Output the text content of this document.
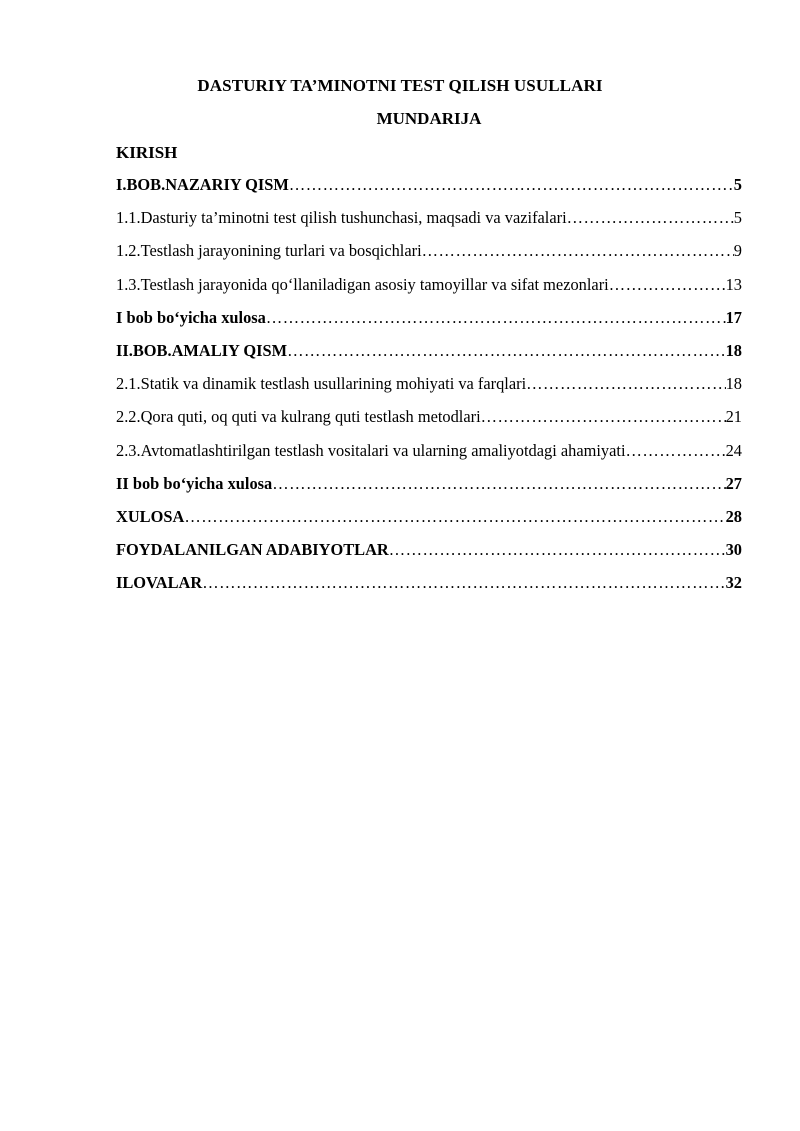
DASTURIY TA’MINOTNI TEST QILISH USULLARI
MUNDARIJA
KIRISH
I.BOB.NAZARIY QISM ………………………………………………………………………………………………………………………………………………………………………………………………	5
1.1.Dasturiy ta’minotni test qilish tushunchasi, maqsadi va vazifalari ………………………………………………………………………………………………………………………………………………………………………………………………	5
1.2.Testlash jarayonining turlari va bosqichlari ………………………………………………………………………………………………………………………………………………………………………………………………	9
1.3.Testlash jarayonida qo‘llaniladigan asosiy tamoyillar va sifat mezonlari ………………………………………………………………………………………………………………………………………………………………………………………………	13
I bob bo‘yicha xulosa ………………………………………………………………………………………………………………………………………………………………………………………………	17
II.BOB.AMALIY QISM ………………………………………………………………………………………………………………………………………………………………………………………………	18
2.1.Statik va dinamik testlash usullarining mohiyati va farqlari ………………………………………………………………………………………………………………………………………………………………………………………………	18
2.2.Qora quti, oq quti va kulrang quti testlash metodlari ………………………………………………………………………………………………………………………………………………………………………………………………	21
2.3.Avtomatlashtirilgan testlash vositalari va ularning amaliyotdagi ahamiyati ………………………………………………………………………………………………………………………………………………………………………………………………	24
II bob bo‘yicha xulosa ………………………………………………………………………………………………………………………………………………………………………………………………	27
XULOSA ………………………………………………………………………………………………………………………………………………………………………………………………	28
FOYDALANILGAN ADABIYOTLAR ………………………………………………………………………………………………………………………………………………………………………………………………	30
ILOVALAR ………………………………………………………………………………………………………………………………………………………………………………………………	32
